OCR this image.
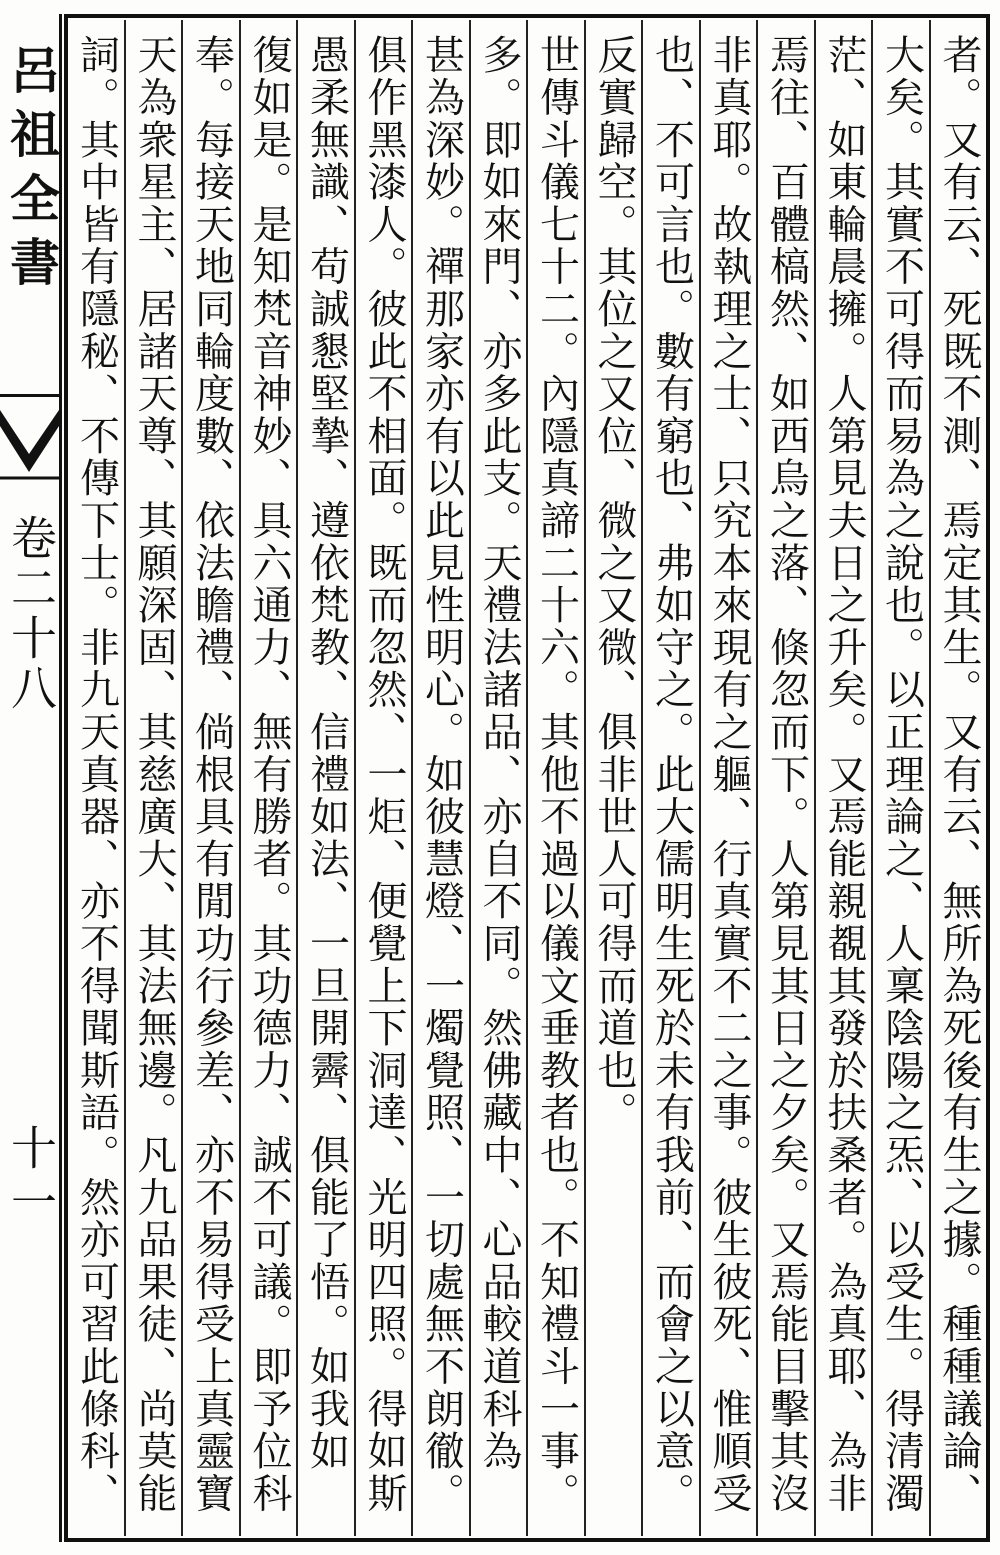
呂祖全書
卷二十八
十一
者。又有云、死既不測、焉定其生。又有云、無所為死後有生之據。種種議論、
大矣。其實不可得而易為之說也。以正理論之、人稟陰陽之炁、以受生。得清濁
茫、如東輪晨擁。人第見夫日之升矣。又焉能親覩其發於扶桑者。為真耶、為非
焉往、百體槁然、如西烏之落、倏忽而下。人第見其日之夕矣。又焉能目擊其沒
非真耶。故執理之士、只究本來現有之軀、行真實不二之事。彼生彼死、惟順受
也、不可言也。數有窮也、弗如守之。此大儒明生死於未有我前、而會之以意。
反實歸空。其位之又位、微之又微、俱非世人可得而道也。
世傳斗儀七十二。內隱真諦二十六。其他不過以儀文垂教者也。不知禮斗一事。
多。即如來門、亦多此支。天禮法諸品、亦自不同。然佛藏中、心品較道科為
甚為深妙。禪那家亦有以此見性明心。如彼慧燈、一燭覺照、一切處無不朗徹。
俱作黑漆人。彼此不相面。既而忽然、一炬、便覺上下洞達、光明四照。得如斯
愚柔無識、苟誠懇堅摯、遵依梵教、信禮如法、一旦開霽、俱能了悟。如我如
復如是。是知梵音神妙、具六通力、無有勝者。其功德力、誠不可議。即予位科
奉。每接天地同輪度數、依法瞻禮、倘根具有閒功行參差、亦不易得受上真靈寶
天為衆星主、居諸天尊、其願深固、其慈廣大、其法無邊。凡九品果徒、尚莫能
詞。其中皆有隱秘、不傳下士。非九天真器、亦不得聞斯語。然亦可習此條科、
